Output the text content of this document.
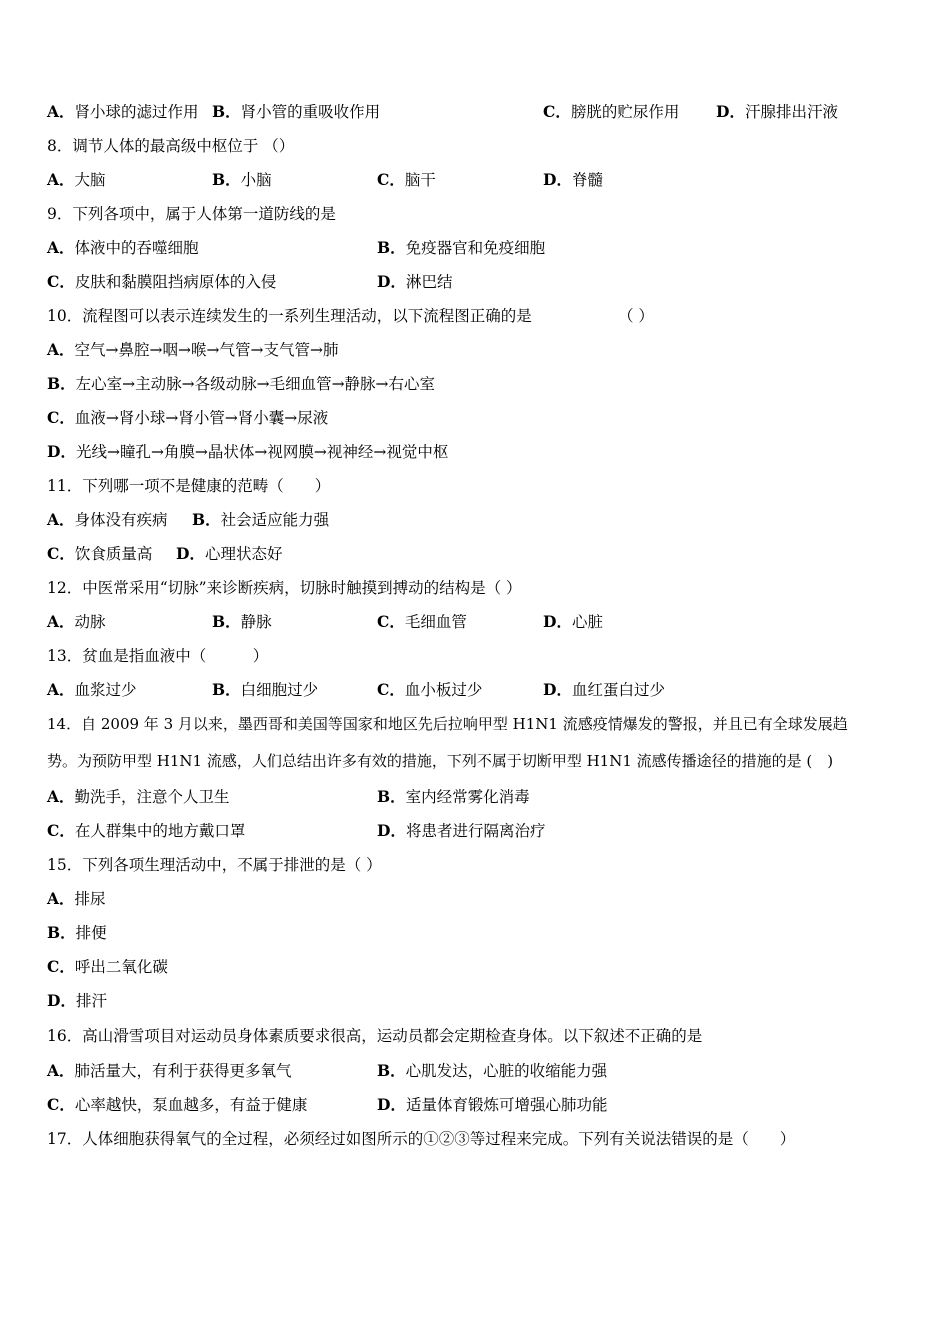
A．肾小球的滤过作用 B．肾小管的重吸收作用	C．膀胱的贮尿作用 D．汗腺排出汗液
8．调节人体的最高级中枢位于 （）
A．大脑	B．小脑	C．脑干	D．脊髓
9．下列各项中，属于人体第一道防线的是
A．体液中的吞噬细胞	B．免疫器官和免疫细胞
C．皮肤和黏膜阻挡病原体的入侵	D．淋巴结
10．流程图可以表示连续发生的一系列生理活动，以下流程图正确的是	（ ）
A．空气→鼻腔→咽→喉→气管→支气管→肺
B．左心室→主动脉→各级动脉→毛细血管→静脉→右心室
C．血液→肾小球→肾小管→肾小囊→尿液
D．光线→瞳孔→角膜→晶状体→视网膜→视神经→视觉中枢
11．下列哪一项不是健康的范畴（　　）
A．身体没有疾病 B．社会适应能力强
C．饮食质量高 D．心理状态好
12．中医常采用“切脉”来诊断疾病，切脉时触摸到搏动的结构是（ ）
A．动脉	B．静脉	C．毛细血管	D．心脏
13．贫血是指血液中（　　　）
A．血浆过少	B．白细胞过少	C．血小板过少	D．血红蛋白过少
14．自 2009 年 3 月以来，墨西哥和美国等国家和地区先后拉响甲型 H1N1 流感疫情爆发的警报，并且已有全球发展趋
势。为预防甲型 H1N1 流感，人们总结出许多有效的措施，下列不属于切断甲型 H1N1 流感传播途径的措施的是 (　)
A．勤洗手，注意个人卫生	B．室内经常雾化消毒
C．在人群集中的地方戴口罩	D．将患者进行隔离治疗
15．下列各项生理活动中，不属于排泄的是（ ）
A．排尿
B．排便
C．呼出二氧化碳
D．排汗
16．高山滑雪项目对运动员身体素质要求很高，运动员都会定期检查身体。以下叙述不正确的是
A．肺活量大，有利于获得更多氧气	B．心肌发达，心脏的收缩能力强
C．心率越快，泵血越多，有益于健康	D．适量体育锻炼可增强心肺功能
17．人体细胞获得氧气的全过程，必须经过如图所示的①②③等过程来完成。下列有关说法错误的是（　　）
